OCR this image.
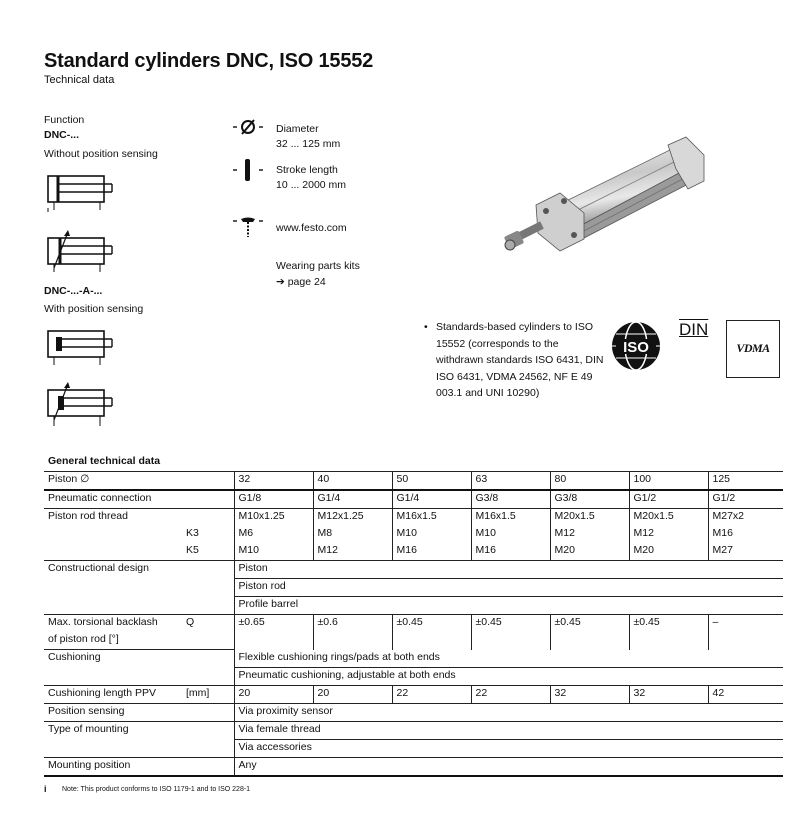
Standard cylinders DNC, ISO 15552
Technical data
Function
DNC-...
Without position sensing
DNC-...-A-...
With position sensing
Diameter
32 ... 125 mm
Stroke length
10 ... 2000 mm
www.festo.com
Wearing parts kits
➔ page 24
• Standards-based cylinders to ISO 15552 (corresponds to the withdrawn standards ISO 6431, DIN ISO 6431, VDMA 24562, NF E 49 003.1 and UNI 10290)
ISO
DIN
VDMA
General technical data								
Piston ∅		32	40	50	63	80	100	125
Pneumatic connection		G1/8	G1/4	G1/4	G3/8	G3/8	G1/2	G1/2
Piston rod thread		M10x1.25	M12x1.25	M16x1.5	M16x1.5	M20x1.5	M20x1.5	M27x2
	K3	M6	M8	M10	M10	M12	M12	M16
	K5	M10	M12	M16	M16	M20	M20	M27
Constructional design		Piston						
		Piston rod						
		Profile barrel						
Max. torsional backlash	Q	±0.65	±0.6	±0.45	±0.45	±0.45	±0.45	–
of piston rod [°]								
Cushioning		Flexible cushioning rings/pads at both ends						
		Pneumatic cushioning, adjustable at both ends						
Cushioning length PPV	[mm]	20	20	22	22	32	32	42
Position sensing		Via proximity sensor						
Type of mounting		Via female thread						
		Via accessories						
Mounting position		Any						
i Note: This product conforms to ISO 1179-1 and to ISO 228-1
